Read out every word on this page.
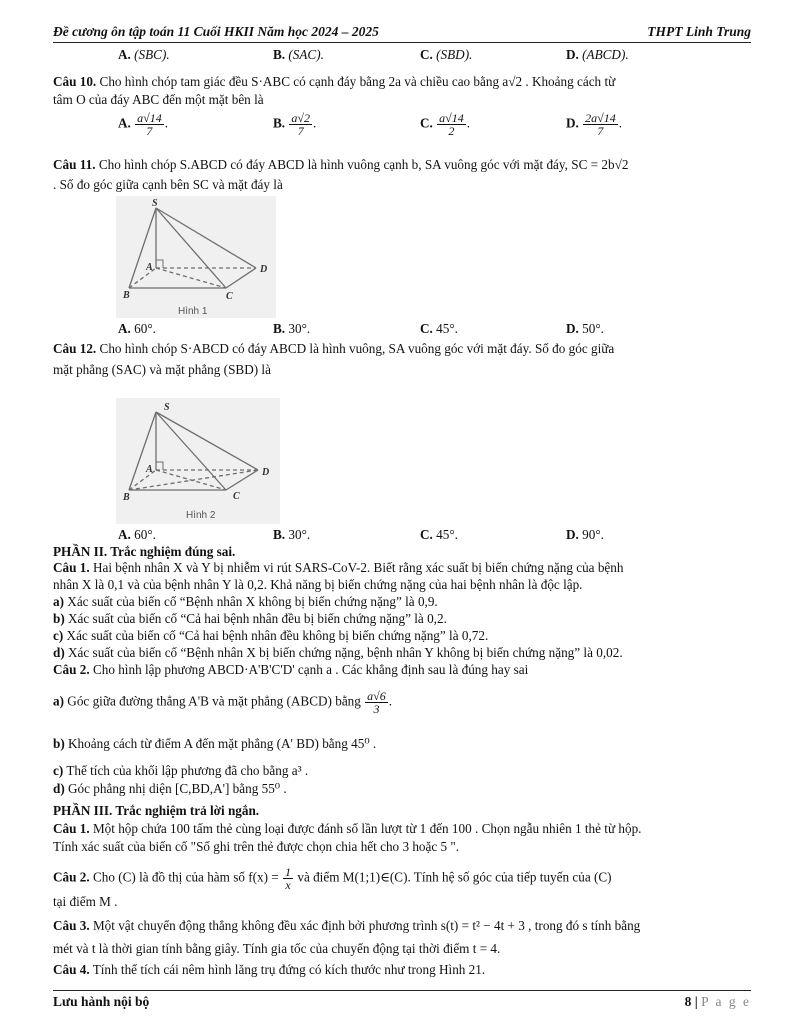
Đề cương ôn tập toán 11 Cuối HKII Năm học 2024 – 2025	THPT Linh Trung
A. (SBC).	B. (SAC).	C. (SBD).	D. (ABCD).
Câu 10. Cho hình chóp tam giác đều S·ABC có cạnh đáy bằng 2a và chiều cao bằng a√2 . Khoảng cách từ
tâm O của đáy ABC đến một mặt bên là
A. $\frac{a√14}{7}$ .	B. $\frac{a√2}{7}$ .	C. $\frac{a√14}{2}$ .	D. $\frac{2a√14}{7}$ .
Câu 11. Cho hình chóp S.ABCD có đáy ABCD là hình vuông cạnh b, SA vuông góc với mặt đáy, SC = 2b√2
. Số đo góc giữa cạnh bên SC và mặt đáy là
S
A
B	C
D
Hình 1
A. 60°.	B. 30°.	C. 45°.	D. 50°.
Câu 12. Cho hình chóp S·ABCD có đáy ABCD là hình vuông, SA vuông góc với mặt đáy. Số đo góc giữa
mặt phẳng (SAC) và mặt phẳng (SBD) là
S
A
B	C
D
Hình 2
A. 60°.	B. 30°.	C. 45°.	D. 90°.
PHẦN II. Trắc nghiệm đúng sai.
Câu 1. Hai bệnh nhân X và Y bị nhiễm vi rút SARS-CoV-2. Biết rằng xác suất bị biến chứng nặng của bệnh
nhân X là 0,1 và của bệnh nhân Y là 0,2. Khả năng bị biến chứng nặng của hai bệnh nhân là độc lập.
a) Xác suất của biến cố “Bệnh nhân X không bị biến chứng nặng” là 0,9.
b) Xác suất của biến cố “Cả hai bệnh nhân đều bị biến chứng nặng” là 0,2.
c) Xác suất của biến cố “Cả hai bệnh nhân đều không bị biến chứng nặng” là 0,72.
d) Xác suất của biến cố “Bệnh nhân X bị biến chứng nặng, bệnh nhân Y không bị biến chứng nặng” là 0,02.
Câu 2. Cho hình lập phương ABCD·A'B'C'D' cạnh a . Các khẳng định sau là đúng hay sai
a) Góc giữa đường thẳng A'B và mặt phẳng (ABCD) bằng $\frac{a√6}{3}$ .
b) Khoảng cách từ điểm A đến mặt phẳng (A' BD) bằng 45⁰ .
c) Thể tích của khối lập phương đã cho bằng a³ .
d) Góc phẳng nhị diện [C,BD,A'] bằng 55⁰ .
PHẦN III. Trắc nghiệm trả lời ngắn.
Câu 1. Một hộp chứa 100 tấm thẻ cùng loại được đánh số lần lượt từ 1 đến 100 . Chọn ngẫu nhiên 1 thẻ từ hộp.
Tính xác suất của biến cố "Số ghi trên thẻ được chọn chia hết cho 3 hoặc 5 ".
Câu 2. Cho (C) là đồ thị của hàm số $f(x) = \frac{1}{x}$ và điểm M(1;1)∈(C). Tính hệ số góc của tiếp tuyến của (C)
tại điểm M .
Câu 3. Một vật chuyển động thẳng không đều xác định bởi phương trình s(t) = t² − 4t + 3 , trong đó s tính bằng
mét và t là thời gian tính bằng giây. Tính gia tốc của chuyển động tại thời điểm t = 4.
Câu 4. Tính thể tích cái nêm hình lăng trụ đứng có kích thước như trong Hình 21.
Lưu hành nội bộ	8 | P a g e
